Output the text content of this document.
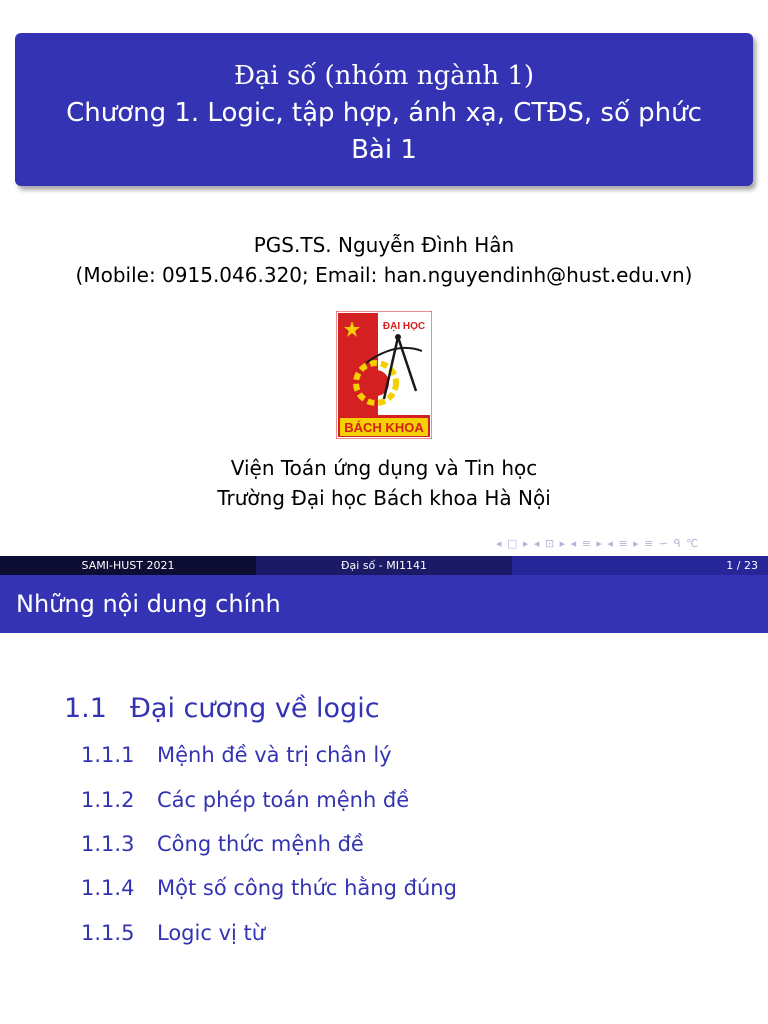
Đại số (nhóm ngành 1)
Chương 1. Logic, tập hợp, ánh xạ, CTĐS, số phức
Bài 1
PGS.TS. Nguyễn Đình Hân
(Mobile: 0915.046.320; Email: han.nguyendinh@hust.edu.vn)
ĐẠI HỌC
BÁCH KHOA
Viện Toán ứng dụng và Tin học
Trường Đại học Bách khoa Hà Nội
◂ □ ▸ ◂ ⊡ ▸ ◂ ≡ ▸ ◂ ≡ ▸ ≡ ∽ ᑫ ℃
SAMI-HUST 2021	Đại số - MI1141	1 / 23
Những nội dung chính
1.1 Đại cương về logic
1.1.1 Mệnh đề và trị chân lý
1.1.2 Các phép toán mệnh đề
1.1.3 Công thức mệnh đề
1.1.4 Một số công thức hằng đúng
1.1.5 Logic vị từ
